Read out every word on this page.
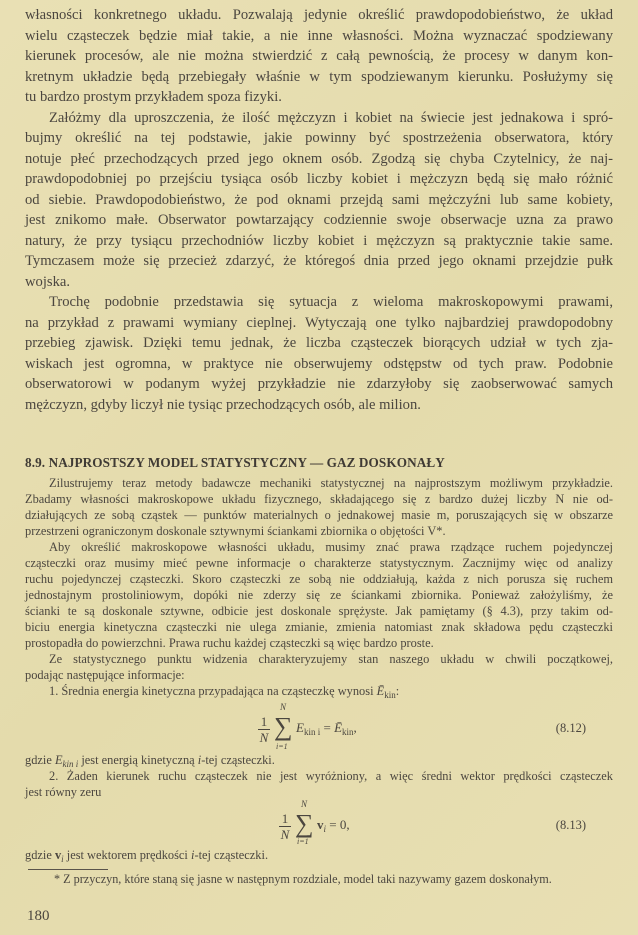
własności konkretnego układu. Pozwalają jedynie określić prawdopodobieństwo, że układ
wielu cząsteczek będzie miał takie, a nie inne własności. Można wyznaczać spodziewany
kierunek procesów, ale nie można stwierdzić z całą pewnością, że procesy w danym kon-
kretnym układzie będą przebiegały właśnie w tym spodziewanym kierunku. Posłużymy się
tu bardzo prostym przykładem spoza fizyki.
Załóżmy dla uproszczenia, że ilość mężczyzn i kobiet na świecie jest jednakowa i spró-
bujmy określić na tej podstawie, jakie powinny być spostrzeżenia obserwatora, który
notuje płeć przechodzących przed jego oknem osób. Zgodzą się chyba Czytelnicy, że naj-
prawdopodobniej po przejściu tysiąca osób liczby kobiet i mężczyzn będą się mało różnić
od siebie. Prawdopodobieństwo, że pod oknami przejdą sami mężczyźni lub same kobiety,
jest znikomo małe. Obserwator powtarzający codziennie swoje obserwacje uzna za prawo
natury, że przy tysiącu przechodniów liczby kobiet i mężczyzn są praktycznie takie same.
Tymczasem może się przecież zdarzyć, że któregoś dnia przed jego oknami przejdzie pułk
wojska.
Trochę podobnie przedstawia się sytuacja z wieloma makroskopowymi prawami,
na przykład z prawami wymiany cieplnej. Wytyczają one tylko najbardziej prawdopodobny
przebieg zjawisk. Dzięki temu jednak, że liczba cząsteczek biorących udział w tych zja-
wiskach jest ogromna, w praktyce nie obserwujemy odstępstw od tych praw. Podobnie
obserwatorowi w podanym wyżej przykładzie nie zdarzyłoby się zaobserwować samych
mężczyzn, gdyby liczył nie tysiąc przechodzących osób, ale milion.
8.9. NAJPROSTSZY MODEL STATYSTYCZNY — GAZ DOSKONAŁY
Zilustrujemy teraz metody badawcze mechaniki statystycznej na najprostszym możliwym przykładzie.
Zbadamy własności makroskopowe układu fizycznego, składającego się z bardzo dużej liczby N nie od-
działujących ze sobą cząstek — punktów materialnych o jednakowej masie m, poruszających się w obszarze
przestrzeni ograniczonym doskonale sztywnymi ściankami zbiornika o objętości V*.
Aby określić makroskopowe własności układu, musimy znać prawa rządzące ruchem pojedynczej
cząsteczki oraz musimy mieć pewne informacje o charakterze statystycznym. Zacznijmy więc od analizy
ruchu pojedynczej cząsteczki. Skoro cząsteczki ze sobą nie oddziałują, każda z nich porusza się ruchem
jednostajnym prostoliniowym, dopóki nie zderzy się ze ściankami zbiornika. Ponieważ założyliśmy, że
ścianki te są doskonale sztywne, odbicie jest doskonale sprężyste. Jak pamiętamy (§ 4.3), przy takim od-
biciu energia kinetyczna cząsteczki nie ulega zmianie, zmienia natomiast znak składowa pędu cząsteczki
prostopadła do powierzchni. Prawa ruchu każdej cząsteczki są więc bardzo proste.
Ze statystycznego punktu widzenia charakteryzujemy stan naszego układu w chwili początkowej,
podając następujące informacje:
1. Średnia energia kinetyczna przypadająca na cząsteczkę wynosi $Ē_{kin}$:
$\frac{1}{N}$
N
∑
i=1
$E_{kin i}$ = $Ē_{kin}$,	(8.12)
gdzie $E_{kin i}$ jest energią kinetyczną i-tej cząsteczki.
2. Żaden kierunek ruchu cząsteczek nie jest wyróżniony, a więc średni wektor prędkości cząsteczek
jest równy zeru
$\frac{1}{N}$
N
∑
i=1
$v_i = 0$,	(8.13)
gdzie $v_i$ jest wektorem prędkości i-tej cząsteczki.
* Z przyczyn, które staną się jasne w następnym rozdziale, model taki nazywamy gazem doskonałym.
180
